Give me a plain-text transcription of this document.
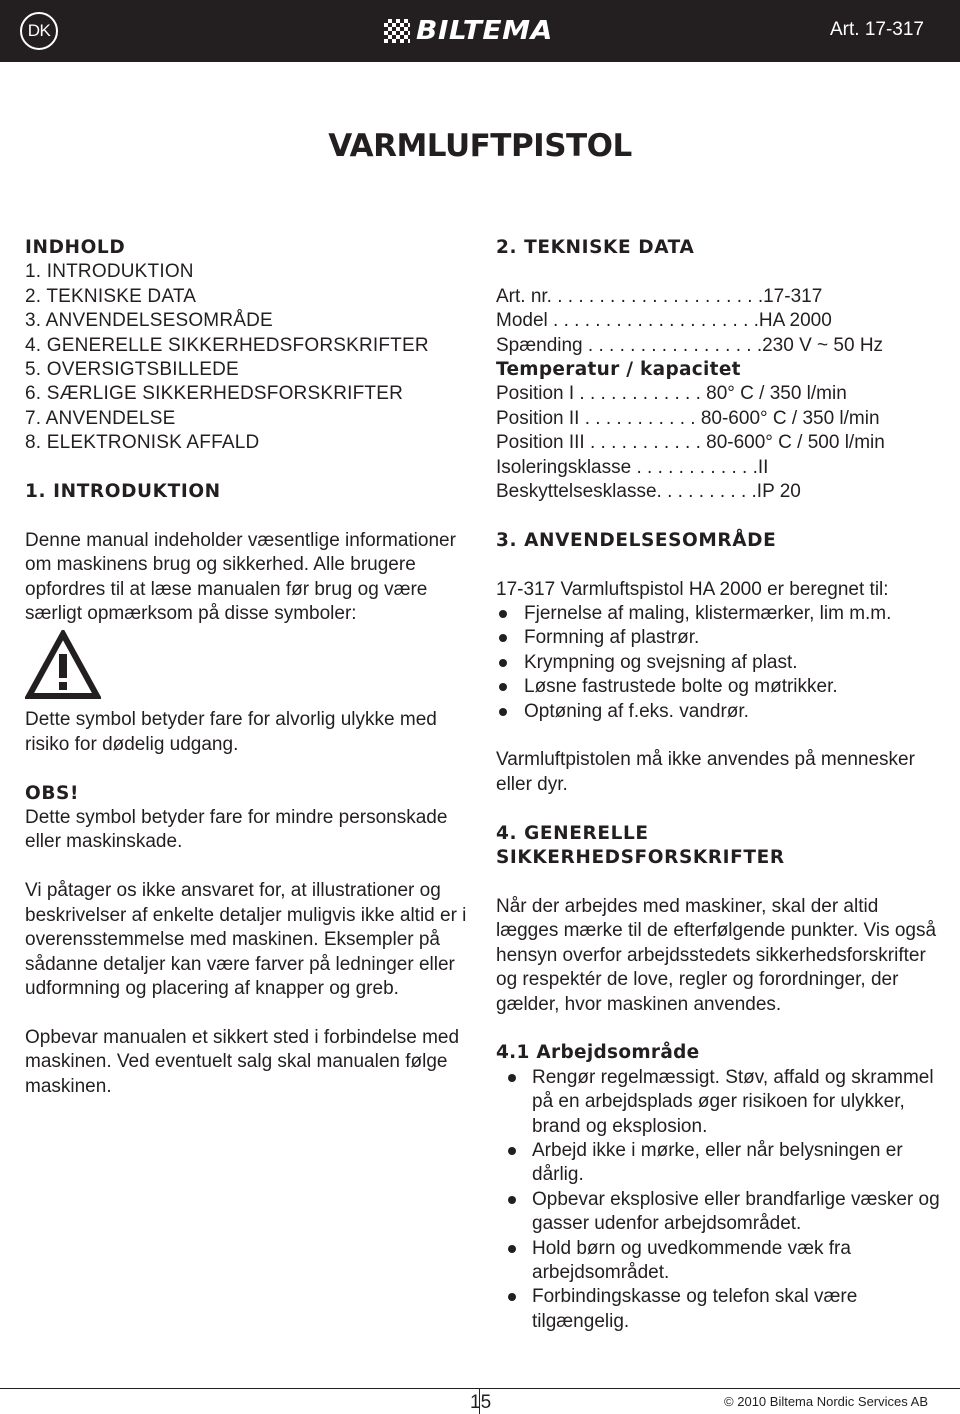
DK	BILTEMA	Art. 17-317
VARMLUFTPISTOL
INDHOLD
1. INTRODUKTION
2. TEKNISKE DATA
3. ANVENDELSESOMRÅDE
4. GENERELLE SIKKERHEDSFORSKRIFTER
5. OVERSIGTSBILLEDE
6. SÆRLIGE SIKKERHEDSFORSKRIFTER
7. ANVENDELSE
8. ELEKTRONISK AFFALD
1. INTRODUKTION

Denne manual indeholder væsentlige informationer om maskinens brug og sikkerhed. Alle brugere opfordres til at læse manualen før brug og være særligt opmærksom på disse symboler:

Dette symbol betyder fare for alvorlig ulykke med risiko for dødelig udgang.

OBS!

Dette symbol betyder fare for mindre personskade eller maskinskade.

Vi påtager os ikke ansvaret for, at illustrationer og beskrivelser af enkelte detaljer muligvis ikke altid er i overensstemmelse med maskinen. Eksempler på sådanne detaljer kan være farver på ledninger eller udformning og placering af knapper og greb.

Opbevar manualen et sikkert sted i forbindelse med maskinen. Ved eventuelt salg skal manualen følge maskinen.

2. TEKNISKE DATA
Art. nr. . . . . . . . . . . . . . . . . . . . .17-317
Model . . . . . . . . . . . . . . . . . . . .HA 2000
Spænding . . . . . . . . . . . . . . . . .230 V ~ 50 Hz
Temperatur / kapacitet
Position I . . . . . . . . . . . . 80° C / 350 l/min
Position II . . . . . . . . . . . 80-600° C / 350 l/min
Position III . . . . . . . . . . . 80-600° C / 500 l/min
Isoleringsklasse . . . . . . . . . . . .II
Beskyttelsesklasse. . . . . . . . . .IP 20
3. ANVENDELSESOMRÅDE

17-317 Varmluftspistol HA 2000 er beregnet til:

Fjernelse af maling, klistermærker, lim m.m.
Formning af plastrør.
Krympning og svejsning af plast.
Løsne fastrustede bolte og møtrikker.
Optøning af f.eks. vandrør.

Varmluftpistolen må ikke anvendes på mennesker eller dyr.

4. GENERELLE
SIKKERHEDSFORSKRIFTER

Når der arbejdes med maskiner, skal der altid lægges mærke til de efterfølgende punkter. Vis også hensyn overfor arbejdsstedets sikkerhedsforskrifter og respektér de love, regler og forordninger, der gælder, hvor maskinen anvendes.

4.1 Arbejdsområde
Rengør regelmæssigt. Støv, affald og skrammel på en arbejdsplads øger risikoen for ulykker, brand og eksplosion.
Arbejd ikke i mørke, eller når belysningen er dårlig.
Opbevar eksplosive eller brandfarlige væsker og gasser udenfor arbejdsområdet.
Hold børn og uvedkommende væk fra arbejdsområdet.
Forbindingskasse og telefon skal være tilgængelig.
15	© 2010 Biltema Nordic Services AB
